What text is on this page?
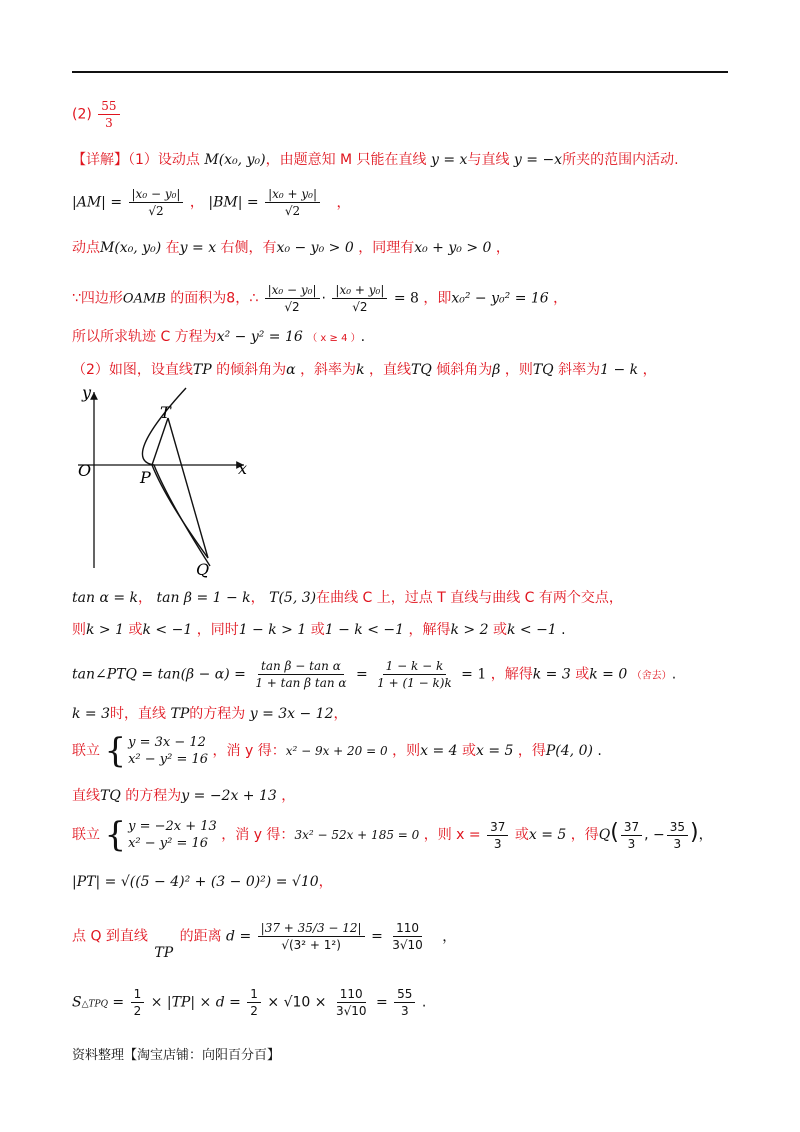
$(2) \frac{55}{3}$
【详解】（1）设动点 M(x₀, y₀)，由题意知 M 只能在直线 y = x与直线 y = −x所夹的范围内活动.
$|AM| = \frac{\text{|x₀ − y₀|}}{√2}$ ， $|BM| = \frac{\text{|x₀ + y₀|}}{√2}$ ，
动点M(x₀, y₀) 在y = x 右侧，有x₀ − y₀ > 0 ，同理有x₀ + y₀ > 0 ，
∵四边形OAMB 的面积为8，∴ $\frac{\text{|x₀ − y₀|}}{√2} \cdot \frac{\text{|x₀ + y₀|}}{√2} = 8$ ，即x₀² − y₀² = 16 ，
所以所求轨迹 C 方程为x² − y² = 16 （ x ≥ 4 ）.
（2）如图，设直线TP 的倾斜角为α ，斜率为k ，直线TQ 倾斜角为β ，则TQ 斜率为1 − k ，
y
x
O
T
P
Q
tan α = k， tan β = 1 − k， T(5, 3)在曲线 C 上，过点 T 直线与曲线 C 有两个交点，
则k > 1 或k < −1 ，同时1 − k > 1 或1 − k < −1 ，解得k > 2 或k < −1 .
tan∠PTQ = $\tan(\beta - \alpha) = \frac{\text{tan β − tan α}}{\text{1 + tan β tan α}} = \frac{1 - k - k}{1 + (1 - k)k} = 1$ ，解得k = 3 或k = 0 （舍去）.
k = 3时，直线 TP的方程为 y = 3x − 12，
联立 { y = 3x − 12
x² − y² = 16
，消 y 得：x² − 9x + 20 = 0 ，则x = 4 或x = 5 ，得P(4, 0) .
直线TQ 的方程为y = −2x + 13 ，
联立 { y = −2x + 13
x² − y² = 16
，消 y 得：3x² − 52x + 185 = 0 ，则 $x = \frac{37}{3}$ 或x = 5 ，得$Q( \frac{37}{3}$ , − $\frac{35}{3}$ )，
|PT| = √((5 − 4)² + (3 − 0)²) = √10，
点 Q 到直线 TP 的距离 $d = \frac{|37 + 35/3 - 12|}{\text{√(3² + 1²)}} = \frac{110}{3√10}$ ，
S△TPQ = $\frac{1}{2} \times |TP| \times d = \frac{1}{2} \times √10 \times \frac{110}{3√10} = \frac{55}{3}$ .
资料整理【淘宝店铺：向阳百分百】
